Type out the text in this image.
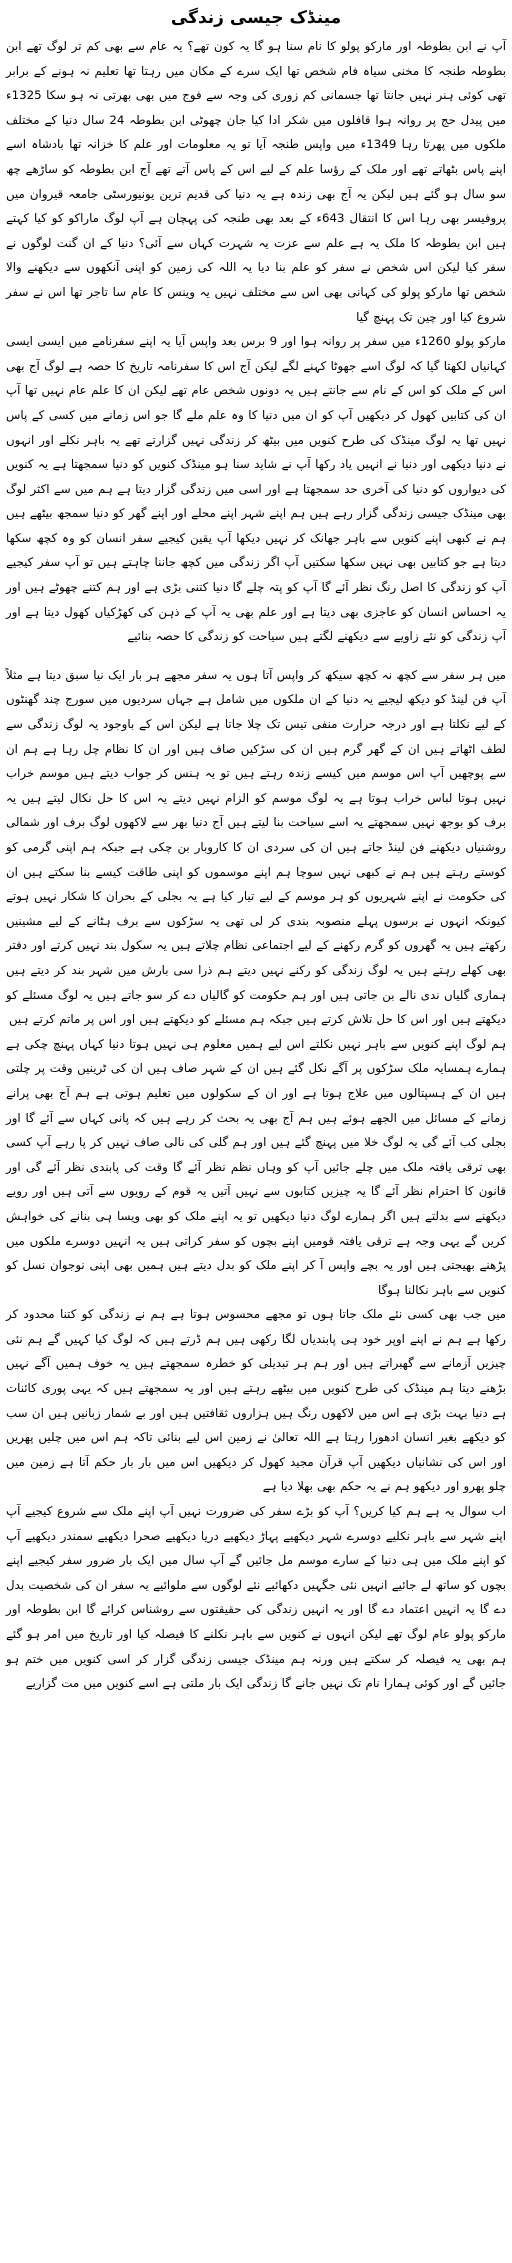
مینڈک جیسی زندگی

آپ نے ابن بطوطہ اور مارکو پولو کا نام سنا ہو گا یہ کون تھے؟ یہ عام سے بھی کم تر لوگ تھے ابن بطوطہ طنجہ کا مخنی سیاہ فام شخص تھا ایک سرے کے مکان میں رہتا تھا تعلیم نہ ہونے کے برابر تھی کوئی ہنر نہیں جانتا تھا جسمانی کم زوری کی وجہ سے فوج میں بھی بھرتی نہ ہو سکا 1325ء میں پیدل حج پر روانہ ہوا قافلوں میں شکر ادا کیا جان چھوٹی ابن بطوطہ 24 سال دنیا کے مختلف ملکوں میں پھرتا رہا 1349ء میں واپس طنجہ آیا تو یہ معلومات اور علم کا خزانہ تھا بادشاہ اسے اپنے پاس بٹھاتے تھے اور ملک کے رؤسا علم کے لیے اس کے پاس آتے تھے آج ابن بطوطہ کو ساڑھے چھ سو سال ہو گئے ہیں لیکن یہ آج بھی زندہ ہے یہ دنیا کی قدیم ترین یونیورسٹی جامعہ قیروان میں پروفیسر بھی رہا اس کا انتقال 643ء کے بعد بھی طنجہ کی پہچان ہے آپ لوگ ماراکو کو کیا کہتے ہیں ابن بطوطہ کا ملک یہ ہے علم سے عزت یہ شہرت کہاں سے آئی؟ دنیا کے ان گنت لوگوں نے سفر کیا لیکن اس شخص نے سفر کو علم بنا دیا یہ اللہ کی زمین کو اپنی آنکھوں سے دیکھنے والا شخص تھا مارکو پولو کی کہانی بھی اس سے مختلف نہیں یہ وینس کا عام سا تاجر تھا اس نے سفر شروع کیا اور چین تک پہنچ گیا

مارکو پولو 1260ء میں سفر پر روانہ ہوا اور 9 برس بعد واپس آیا یہ اپنے سفرنامے میں ایسی ایسی کہانیاں لکھتا گیا کہ لوگ اسے جھوٹا کہنے لگے لیکن آج اس کا سفرنامہ تاریخ کا حصہ ہے لوگ آج بھی اس کے ملک کو اس کے نام سے جانتے ہیں یہ دونوں شخص عام تھے لیکن ان کا علم عام نہیں تھا آپ ان کی کتابیں کھول کر دیکھیں آپ کو ان میں دنیا کا وہ علم ملے گا جو اس زمانے میں کسی کے پاس نہیں تھا یہ لوگ مینڈک کی طرح کنویں میں بیٹھ کر زندگی نہیں گزارتے تھے یہ باہر نکلے اور انہوں نے دنیا دیکھی اور دنیا نے انہیں یاد رکھا آپ نے شاید سنا ہو مینڈک کنویں کو دنیا سمجھتا ہے یہ کنویں کی دیواروں کو دنیا کی آخری حد سمجھتا ہے اور اسی میں زندگی گزار دیتا ہے ہم میں سے اکثر لوگ بھی مینڈک جیسی زندگی گزار رہے ہیں ہم اپنے شہر اپنے محلے اور اپنے گھر کو دنیا سمجھ بیٹھے ہیں ہم نے کبھی اپنے کنویں سے باہر جھانک کر نہیں دیکھا آپ یقین کیجیے سفر انسان کو وہ کچھ سکھا دیتا ہے جو کتابیں بھی نہیں سکھا سکتیں آپ اگر زندگی میں کچھ جاننا چاہتے ہیں تو آپ سفر کیجیے آپ کو زندگی کا اصل رنگ نظر آئے گا آپ کو پتہ چلے گا دنیا کتنی بڑی ہے اور ہم کتنے چھوٹے ہیں اور یہ احساس انسان کو عاجزی بھی دیتا ہے اور علم بھی یہ آپ کے ذہن کی کھڑکیاں کھول دیتا ہے اور آپ زندگی کو نئے زاویے سے دیکھنے لگتے ہیں سیاحت کو زندگی کا حصہ بنائیے

میں ہر سفر سے کچھ نہ کچھ سیکھ کر واپس آتا ہوں یہ سفر مجھے ہر بار ایک نیا سبق دیتا ہے مثلاً آپ فن لینڈ کو دیکھ لیجیے یہ دنیا کے ان ملکوں میں شامل ہے جہاں سردیوں میں سورج چند گھنٹوں کے لیے نکلتا ہے اور درجہ حرارت منفی تیس تک چلا جاتا ہے لیکن اس کے باوجود یہ لوگ زندگی سے لطف اٹھاتے ہیں ان کے گھر گرم ہیں ان کی سڑکیں صاف ہیں اور ان کا نظام چل رہا ہے ہم ان سے پوچھیں آپ اس موسم میں کیسے زندہ رہتے ہیں تو یہ ہنس کر جواب دیتے ہیں موسم خراب نہیں ہوتا لباس خراب ہوتا ہے یہ لوگ موسم کو الزام نہیں دیتے یہ اس کا حل نکال لیتے ہیں یہ برف کو بوجھ نہیں سمجھتے یہ اسے سیاحت بنا لیتے ہیں آج دنیا بھر سے لاکھوں لوگ برف اور شمالی روشنیاں دیکھنے فن لینڈ جاتے ہیں ان کی سردی ان کا کاروبار بن چکی ہے جبکہ ہم اپنی گرمی کو کوستے رہتے ہیں ہم نے کبھی نہیں سوچا ہم اپنے موسموں کو اپنی طاقت کیسے بنا سکتے ہیں ان کی حکومت نے اپنے شہریوں کو ہر موسم کے لیے تیار کیا ہے یہ بجلی کے بحران کا شکار نہیں ہوتے کیونکہ انہوں نے برسوں پہلے منصوبہ بندی کر لی تھی یہ سڑکوں سے برف ہٹانے کے لیے مشینیں رکھتے ہیں یہ گھروں کو گرم رکھنے کے لیے اجتماعی نظام چلاتے ہیں یہ سکول بند نہیں کرتے اور دفتر بھی کھلے رہتے ہیں یہ لوگ زندگی کو رکنے نہیں دیتے ہم ذرا سی بارش میں شہر بند کر دیتے ہیں ہماری گلیاں ندی نالے بن جاتی ہیں اور ہم حکومت کو گالیاں دے کر سو جاتے ہیں یہ لوگ مسئلے کو دیکھتے ہیں اور اس کا حل تلاش کرتے ہیں جبکہ ہم مسئلے کو دیکھتے ہیں اور اس پر ماتم کرتے ہیں

ہم لوگ اپنے کنویں سے باہر نہیں نکلتے اس لیے ہمیں معلوم ہی نہیں ہوتا دنیا کہاں پہنچ چکی ہے ہمارے ہمسایہ ملک سڑکوں پر آگے نکل گئے ہیں ان کے شہر صاف ہیں ان کی ٹرینیں وقت پر چلتی ہیں ان کے ہسپتالوں میں علاج ہوتا ہے اور ان کے سکولوں میں تعلیم ہوتی ہے ہم آج بھی پرانے زمانے کے مسائل میں الجھے ہوئے ہیں ہم آج بھی یہ بحث کر رہے ہیں کہ پانی کہاں سے آئے گا اور بجلی کب آئے گی یہ لوگ خلا میں پہنچ گئے ہیں اور ہم گلی کی نالی صاف نہیں کر پا رہے آپ کسی بھی ترقی یافتہ ملک میں چلے جائیں آپ کو وہاں نظم نظر آئے گا وقت کی پابندی نظر آئے گی اور قانون کا احترام نظر آئے گا یہ چیزیں کتابوں سے نہیں آتیں یہ قوم کے رویوں سے آتی ہیں اور رویے دیکھنے سے بدلتے ہیں اگر ہمارے لوگ دنیا دیکھیں تو یہ اپنے ملک کو بھی ویسا ہی بنانے کی خواہش کریں گے یہی وجہ ہے ترقی یافتہ قومیں اپنے بچوں کو سفر کراتی ہیں یہ انہیں دوسرے ملکوں میں پڑھنے بھیجتی ہیں اور یہ بچے واپس آ کر اپنے ملک کو بدل دیتے ہیں ہمیں بھی اپنی نوجوان نسل کو کنویں سے باہر نکالنا ہوگا

میں جب بھی کسی نئے ملک جاتا ہوں تو مجھے محسوس ہوتا ہے ہم نے زندگی کو کتنا محدود کر رکھا ہے ہم نے اپنے اوپر خود ہی پابندیاں لگا رکھی ہیں ہم ڈرتے ہیں کہ لوگ کیا کہیں گے ہم نئی چیزیں آزمانے سے گھبراتے ہیں اور ہم ہر تبدیلی کو خطرہ سمجھتے ہیں یہ خوف ہمیں آگے نہیں بڑھنے دیتا ہم مینڈک کی طرح کنویں میں بیٹھے رہتے ہیں اور یہ سمجھتے ہیں کہ یہی پوری کائنات ہے دنیا بہت بڑی ہے اس میں لاکھوں رنگ ہیں ہزاروں ثقافتیں ہیں اور بے شمار زبانیں ہیں ان سب کو دیکھے بغیر انسان ادھورا رہتا ہے اللہ تعالیٰ نے زمین اس لیے بنائی تاکہ ہم اس میں چلیں پھریں اور اس کی نشانیاں دیکھیں آپ قرآن مجید کھول کر دیکھیں اس میں بار بار حکم آتا ہے زمین میں چلو پھرو اور دیکھو ہم نے یہ حکم بھی بھلا دیا ہے

اب سوال یہ ہے ہم کیا کریں؟ آپ کو بڑے سفر کی ضرورت نہیں آپ اپنے ملک سے شروع کیجیے آپ اپنے شہر سے باہر نکلیے دوسرے شہر دیکھیے پہاڑ دیکھیے دریا دیکھیے صحرا دیکھیے سمندر دیکھیے آپ کو اپنے ملک میں ہی دنیا کے سارے موسم مل جائیں گے آپ سال میں ایک بار ضرور سفر کیجیے اپنے بچوں کو ساتھ لے جائیے انہیں نئی جگہیں دکھائیے نئے لوگوں سے ملوائیے یہ سفر ان کی شخصیت بدل دے گا یہ انہیں اعتماد دے گا اور یہ انہیں زندگی کی حقیقتوں سے روشناس کرائے گا ابن بطوطہ اور مارکو پولو عام لوگ تھے لیکن انہوں نے کنویں سے باہر نکلنے کا فیصلہ کیا اور تاریخ میں امر ہو گئے ہم بھی یہ فیصلہ کر سکتے ہیں ورنہ ہم مینڈک جیسی زندگی گزار کر اسی کنویں میں ختم ہو جائیں گے اور کوئی ہمارا نام تک نہیں جانے گا زندگی ایک بار ملتی ہے اسے کنویں میں مت گزاریے
